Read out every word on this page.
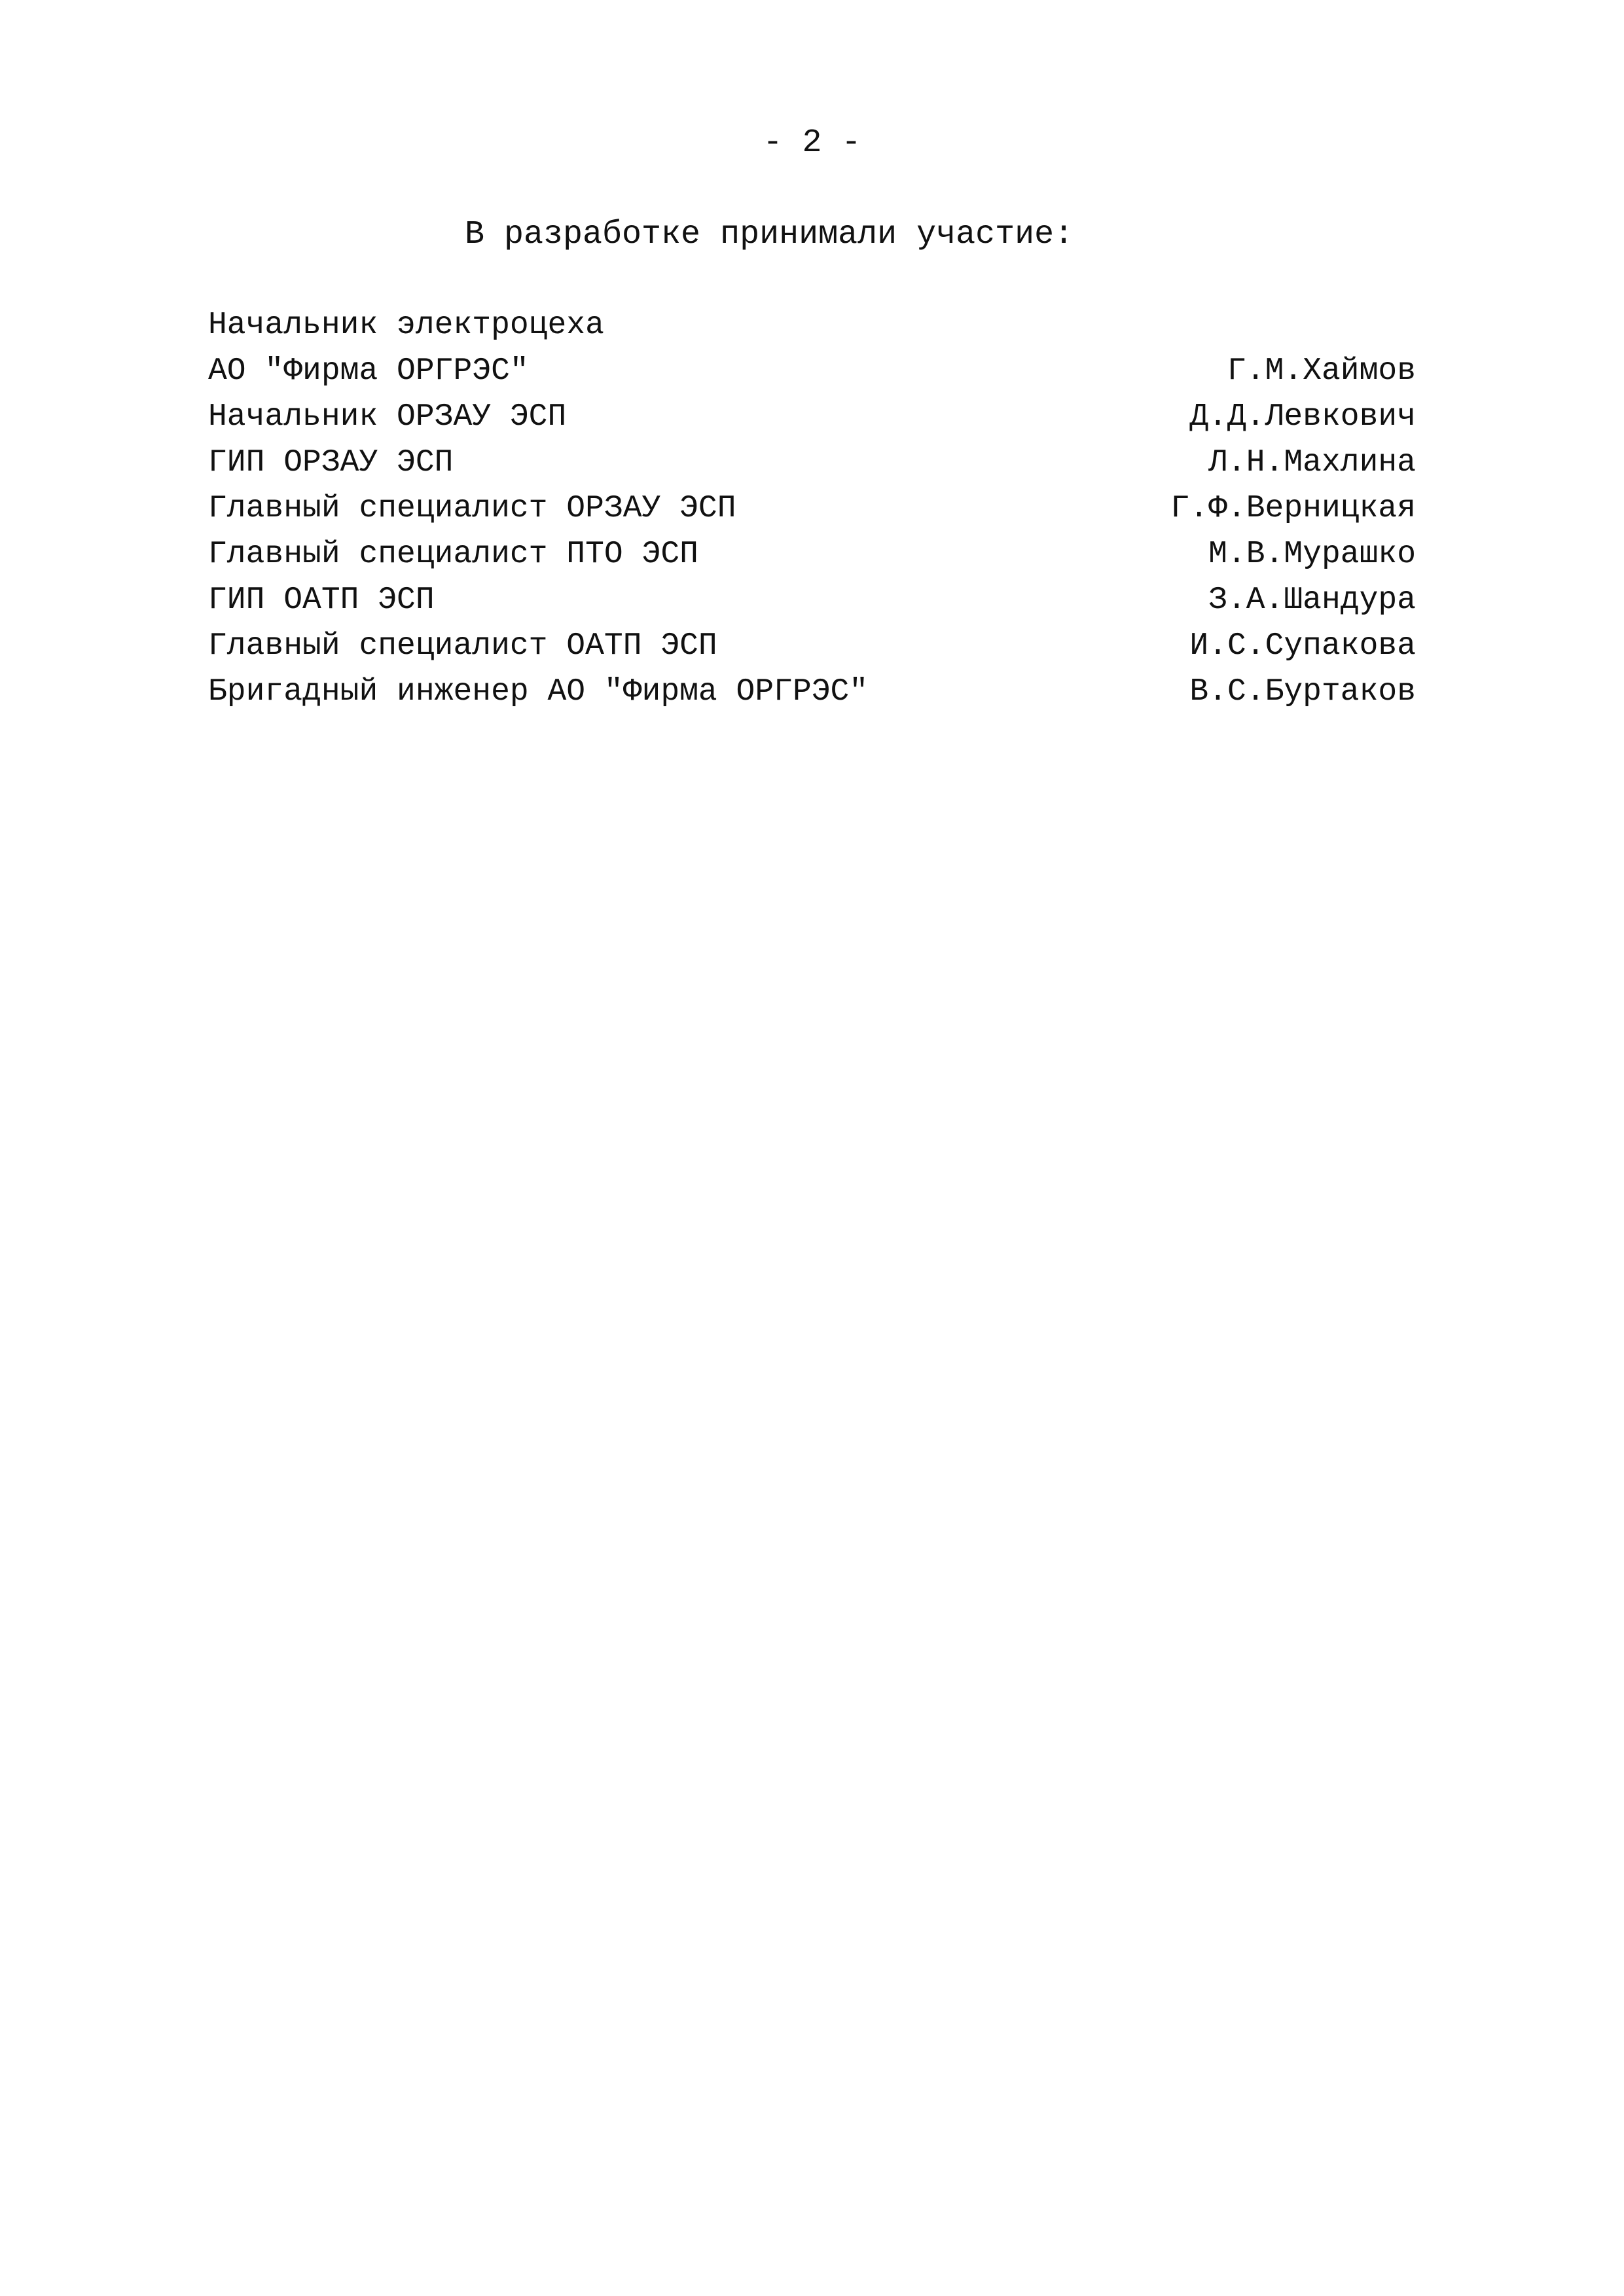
- 2 -
В разработке принимали участие:
Начальник электроцеха
АО "Фирма ОРГРЭС"	Г.М.Хаймов
Начальник ОРЗАУ ЭСП	Д.Д.Левкович
ГИП ОРЗАУ ЭСП	Л.Н.Махлина
Главный специалист ОРЗАУ ЭСП	Г.Ф.Верницкая
Главный специалист ПТО ЭСП	М.В.Мурашко
ГИП ОАТП ЭСП	З.А.Шандура
Главный специалист ОАТП ЭСП	И.С.Супакова
Бригадный инженер АО "Фирма ОРГРЭС"	В.С.Буртаков
